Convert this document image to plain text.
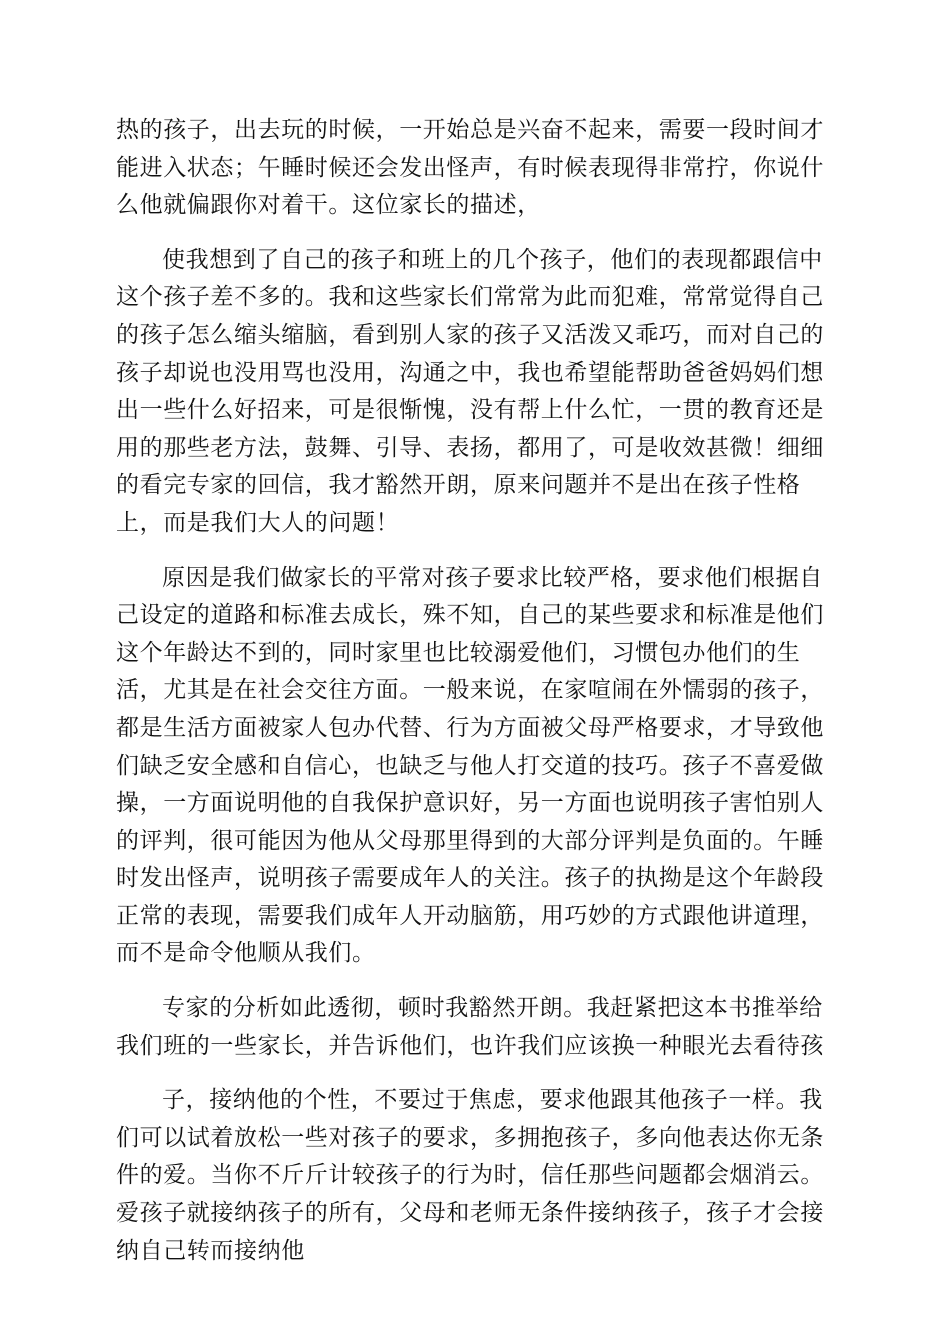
热的孩子，出去玩的时候，一开始总是兴奋不起来，需要一段时间才能进入状态；午睡时候还会发出怪声，有时候表现得非常拧，你说什么他就偏跟你对着干。这位家长的描述，

使我想到了自己的孩子和班上的几个孩子，他们的表现都跟信中这个孩子差不多的。我和这些家长们常常为此而犯难，常常觉得自己的孩子怎么缩头缩脑，看到别人家的孩子又活泼又乖巧，而对自己的孩子却说也没用骂也没用，沟通之中，我也希望能帮助爸爸妈妈们想出一些什么好招来，可是很惭愧，没有帮上什么忙，一贯的教育还是用的那些老方法，鼓舞、引导、表扬，都用了，可是收效甚微！细细的看完专家的回信，我才豁然开朗，原来问题并不是出在孩子性格上，而是我们大人的问题！

原因是我们做家长的平常对孩子要求比较严格，要求他们根据自己设定的道路和标准去成长，殊不知，自己的某些要求和标准是他们这个年龄达不到的，同时家里也比较溺爱他们，习惯包办他们的生活，尤其是在社会交往方面。一般来说，在家喧闹在外懦弱的孩子，都是生活方面被家人包办代替、行为方面被父母严格要求，才导致他们缺乏安全感和自信心，也缺乏与他人打交道的技巧。孩子不喜爱做操，一方面说明他的自我保护意识好，另一方面也说明孩子害怕别人的评判，很可能因为他从父母那里得到的大部分评判是负面的。午睡时发出怪声，说明孩子需要成年人的关注。孩子的执拗是这个年龄段正常的表现，需要我们成年人开动脑筋，用巧妙的方式跟他讲道理，而不是命令他顺从我们。

专家的分析如此透彻，顿时我豁然开朗。我赶紧把这本书推举给我们班的一些家长，并告诉他们，也许我们应该换一种眼光去看待孩

子，接纳他的个性，不要过于焦虑，要求他跟其他孩子一样。我们可以试着放松一些对孩子的要求，多拥抱孩子，多向他表达你无条件的爱。当你不斤斤计较孩子的行为时，信任那些问题都会烟消云。爱孩子就接纳孩子的所有，父母和老师无条件接纳孩子，孩子才会接纳自己转而接纳他
